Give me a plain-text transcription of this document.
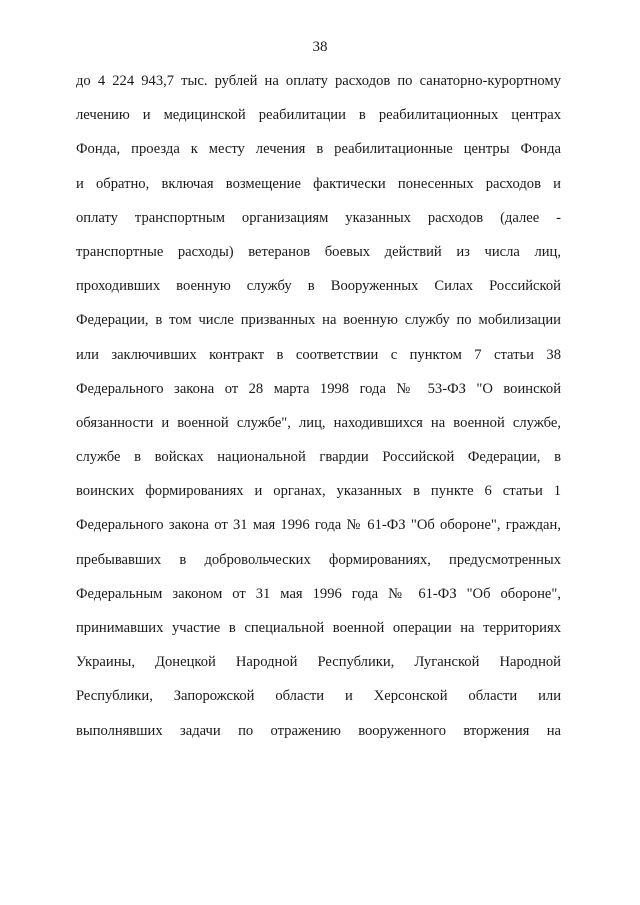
38
до 4 224 943,7 тыс. рублей на оплату расходов по санаторно-курортному
лечению и медицинской реабилитации в реабилитационных центрах
Фонда, проезда к месту лечения в реабилитационные центры Фонда
и обратно, включая возмещение фактически понесенных расходов и
оплату транспортным организациям указанных расходов (далее -
транспортные расходы) ветеранов боевых действий из числа лиц,
проходивших военную службу в Вооруженных Силах Российской
Федерации, в том числе призванных на военную службу по мобилизации
или заключивших контракт в соответствии с пунктом 7 статьи 38
Федерального закона от 28 марта 1998 года № 53-ФЗ "О воинской
обязанности и военной службе", лиц, находившихся на военной службе,
службе в войсках национальной гвардии Российской Федерации, в
воинских формированиях и органах, указанных в пункте 6 статьи 1
Федерального закона от 31 мая 1996 года № 61-ФЗ "Об обороне", граждан,
пребывавших в добровольческих формированиях, предусмотренных
Федеральным законом от 31 мая 1996 года № 61-ФЗ "Об обороне",
принимавших участие в специальной военной операции на территориях
Украины, Донецкой Народной Республики, Луганской Народной
Республики, Запорожской области и Херсонской области или
выполнявших задачи по отражению вооруженного вторжения на
